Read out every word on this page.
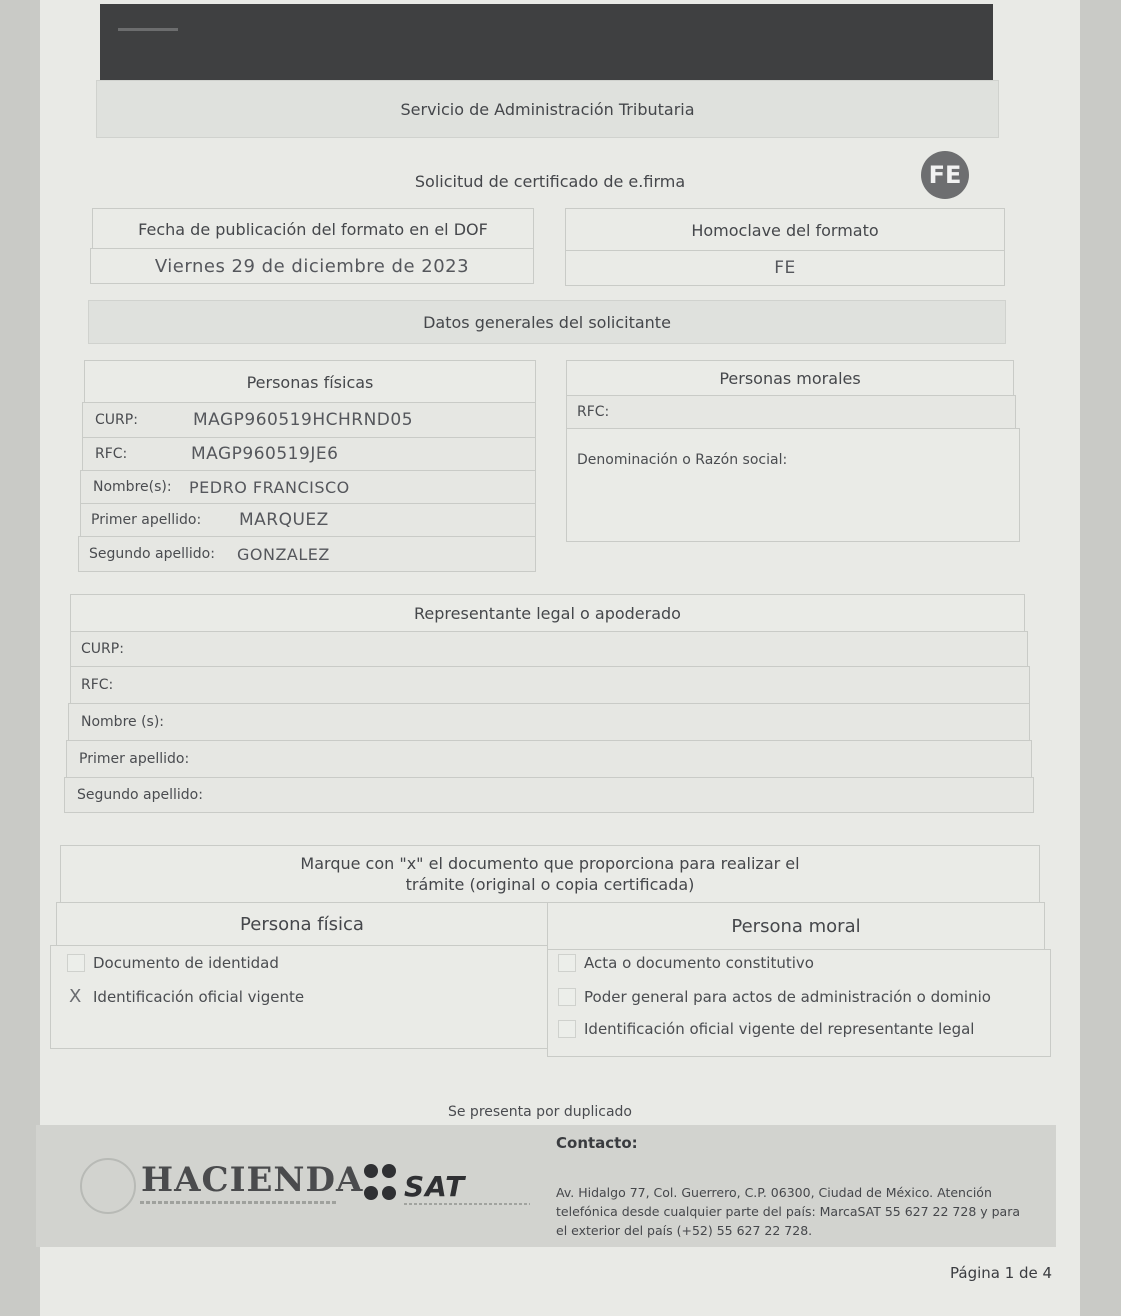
Servicio de Administración Tributaria
Solicitud de certificado de e.firma	FE
Fecha de publicación del formato en el DOF
Viernes 29 de diciembre de 2023
Homoclave del formato
FE
Datos generales del solicitante
Personas físicas
CURP:	MAGP960519HCHRND05
RFC:	MAGP960519JE6
Nombre(s):	PEDRO FRANCISCO
Primer apellido:	MARQUEZ
Segundo apellido:	GONZALEZ
Personas morales
RFC:
Denominación o Razón social:
Representante legal o apoderado
CURP:
RFC:
Nombre (s):
Primer apellido:
Segundo apellido:
Marque con "x" el documento que proporciona para realizar el trámite (original o copia certificada)
Persona física	Persona moral
Documento de identidad
X Identificación oficial vigente
Acta o documento constitutivo
Poder general para actos de administración o dominio
Identificación oficial vigente del representante legal
Se presenta por duplicado
HACIENDA SAT
Contacto:
Av. Hidalgo 77, Col. Guerrero, C.P. 06300, Ciudad de México. Atención telefónica desde cualquier parte del país: MarcaSAT 55 627 22 728 y para el exterior del país (+52) 55 627 22 728.
Página 1 de 4
